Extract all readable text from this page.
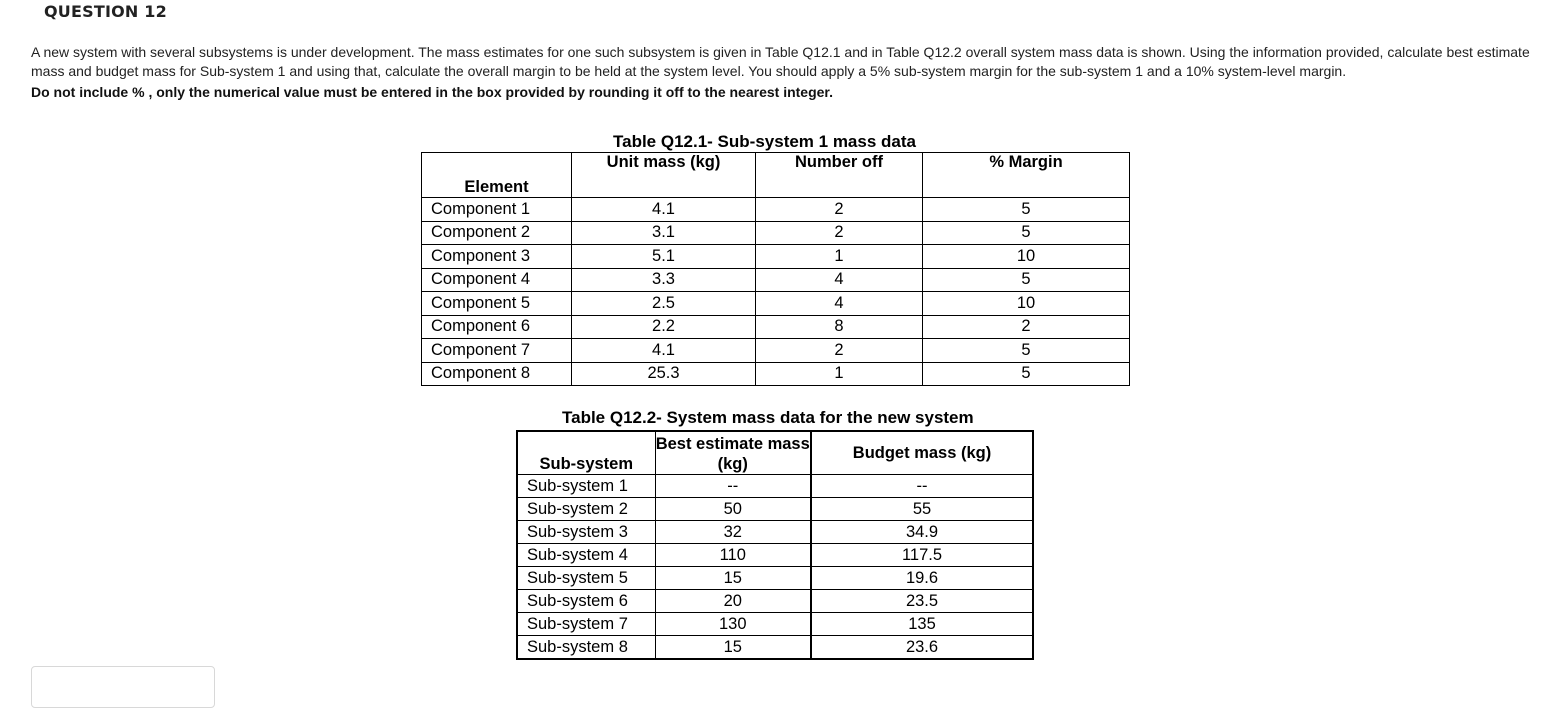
QUESTION 12
A new system with several subsystems is under development. The mass estimates for one such subsystem is given in Table Q12.1 and in Table Q12.2 overall system mass data is shown. Using the information provided, calculate best estimate mass and budget mass for Sub-system 1 and using that, calculate the overall margin to be held at the system level. You should apply a 5% sub-system margin for the sub-system 1 and a 10% system-level margin.
Do not include % , only the numerical value must be entered in the box provided by rounding it off to the nearest integer.
Table Q12.1- Sub-system 1 mass data
Element	Unit mass (kg)	Number off	% Margin
Component 1	4.1	2	5
Component 2	3.1	2	5
Component 3	5.1	1	10
Component 4	3.3	4	5
Component 5	2.5	4	10
Component 6	2.2	8	2
Component 7	4.1	2	5
Component 8	25.3	1	5
Table Q12.2- System mass data for the new system
Sub-system	Best estimate mass (kg)	Budget mass (kg)
Sub-system 1	--	--
Sub-system 2	50	55
Sub-system 3	32	34.9
Sub-system 4	110	117.5
Sub-system 5	15	19.6
Sub-system 6	20	23.5
Sub-system 7	130	135
Sub-system 8	15	23.6
